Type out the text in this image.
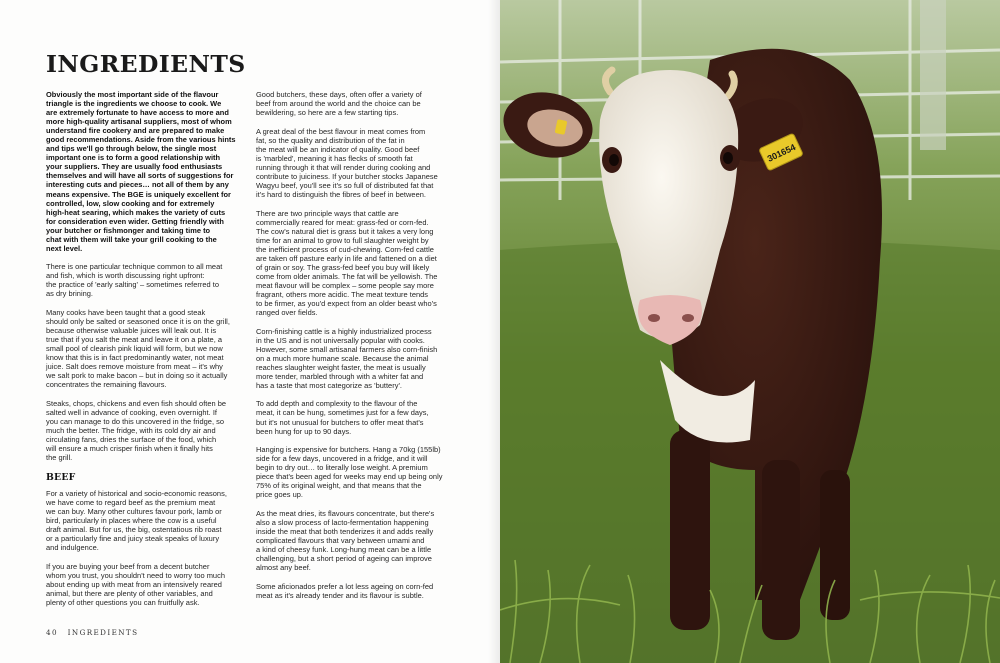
INGREDIENTS

Obviously the most important side of the flavour
triangle is the ingredients we choose to cook. We
are extremely fortunate to have access to more and
more high-quality artisanal suppliers, most of whom
understand fire cookery and are prepared to make
good recommendations. Aside from the various hints
and tips we'll go through below, the single most
important one is to form a good relationship with
your suppliers. They are usually food enthusiasts
themselves and will have all sorts of suggestions for
interesting cuts and pieces… not all of them by any
means expensive. The BGE is uniquely excellent for
controlled, low, slow cooking and for extremely
high-heat searing, which makes the variety of cuts
for consideration even wider. Getting friendly with
your butcher or fishmonger and taking time to
chat with them will take your grill cooking to the
next level.

There is one particular technique common to all meat
and fish, which is worth discussing right upfront:
the practice of 'early salting' – sometimes referred to
as dry brining.

Many cooks have been taught that a good steak
should only be salted or seasoned once it is on the grill,
because otherwise valuable juices will leak out. It is
true that if you salt the meat and leave it on a plate, a
small pool of clearish pink liquid will form, but we now
know that this is in fact predominantly water, not meat
juice. Salt does remove moisture from meat – it's why
we salt pork to make bacon – but in doing so it actually
concentrates the remaining flavours.

Steaks, chops, chickens and even fish should often be
salted well in advance of cooking, even overnight. If
you can manage to do this uncovered in the fridge, so
much the better. The fridge, with its cold dry air and
circulating fans, dries the surface of the food, which
will ensure a much crisper finish when it finally hits
the grill.

BEEF

For a variety of historical and socio-economic reasons,
we have come to regard beef as the premium meat
we can buy. Many other cultures favour pork, lamb or
bird, particularly in places where the cow is a useful
draft animal. But for us, the big, ostentatious rib roast
or a particularly fine and juicy steak speaks of luxury
and indulgence.

If you are buying your beef from a decent butcher
whom you trust, you shouldn't need to worry too much
about ending up with meat from an intensively reared
animal, but there are plenty of other variables, and
plenty of other questions you can fruitfully ask.

Good butchers, these days, often offer a variety of
beef from around the world and the choice can be
bewildering, so here are a few starting tips.

A great deal of the best flavour in meat comes from
fat, so the quality and distribution of the fat in
the meat will be an indicator of quality. Good beef
is 'marbled', meaning it has flecks of smooth fat
running through it that will render during cooking and
contribute to juiciness. If your butcher stocks Japanese
Wagyu beef, you'll see it's so full of distributed fat that
it's hard to distinguish the fibres of beef in between.

There are two principle ways that cattle are
commercially reared for meat: grass-fed or corn-fed.
The cow's natural diet is grass but it takes a very long
time for an animal to grow to full slaughter weight by
the inefficient process of cud-chewing. Corn-fed cattle
are taken off pasture early in life and fattened on a diet
of grain or soy. The grass-fed beef you buy will likely
come from older animals. The fat will be yellowish. The
meat flavour will be complex – some people say more
fragrant, others more acidic. The meat texture tends
to be firmer, as you'd expect from an older beast who's
ranged over fields.

Corn-finishing cattle is a highly industrialized process
in the US and is not universally popular with cooks.
However, some small artisanal farmers also corn-finish
on a much more humane scale. Because the animal
reaches slaughter weight faster, the meat is usually
more tender, marbled through with a whiter fat and
has a taste that most categorize as 'buttery'.

To add depth and complexity to the flavour of the
meat, it can be hung, sometimes just for a few days,
but it's not unusual for butchers to offer meat that's
been hung for up to 90 days.

Hanging is expensive for butchers. Hang a 70kg (155lb)
side for a few days, uncovered in a fridge, and it will
begin to dry out… to literally lose weight. A premium
piece that's been aged for weeks may end up being only
75% of its original weight, and that means that the
price goes up.

As the meat dries, its flavours concentrate, but there's
also a slow process of lacto-fermentation happening
inside the meat that both tenderizes it and adds really
complicated flavours that vary between umami and
a kind of cheesy funk. Long-hung meat can be a little
challenging, but a short period of ageing can improve
almost any beef.

Some aficionados prefer a lot less ageing on corn-fed
meat as it's already tender and its flavour is subtle.

40 INGREDIENTS
301654
